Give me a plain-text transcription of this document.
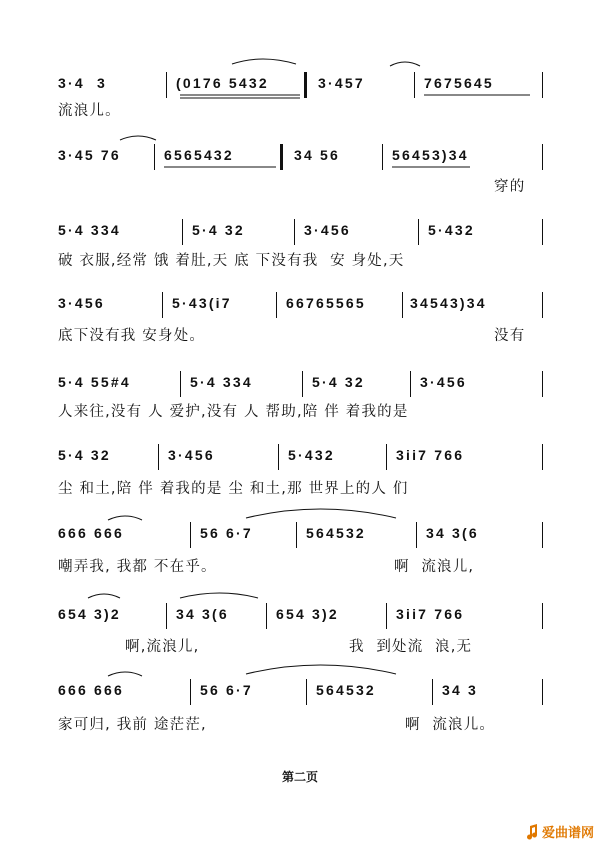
3·4  3	(0176 5432	3·457	7675645

流浪儿。

3·45 76	6565432	34 56	56453)34

穿的

5·4 334	5·4 32	3·456	5·432

破 衣服,经常 饿 着肚,天 底 下没有我  安 身处,天

3·456	5·43(i7	66765565	34543)34

底下没有我 安身处。

	没有

5·4 55#4	5·4 334	5·4 32	3·456

人来往,没有 人 爱护,没有 人 帮助,陪 伴 着我的是

5·4 32	3·456	5·432	3ii7 766

尘 和土,陪 伴 着我的是 尘 和土,那 世界上的人 们

666 666	56 6·7	564532	34 3(6

嘲弄我, 我都 不在乎。

	啊  流浪儿,

654 3)2	34 3(6	654 3)2	3ii7 766

啊,流浪儿,

	我  到处流  浪,无

666 666	56 6·7	564532	34 3

家可归, 我前 途茫茫,

	啊  流浪儿。

第二页
爱曲谱网
